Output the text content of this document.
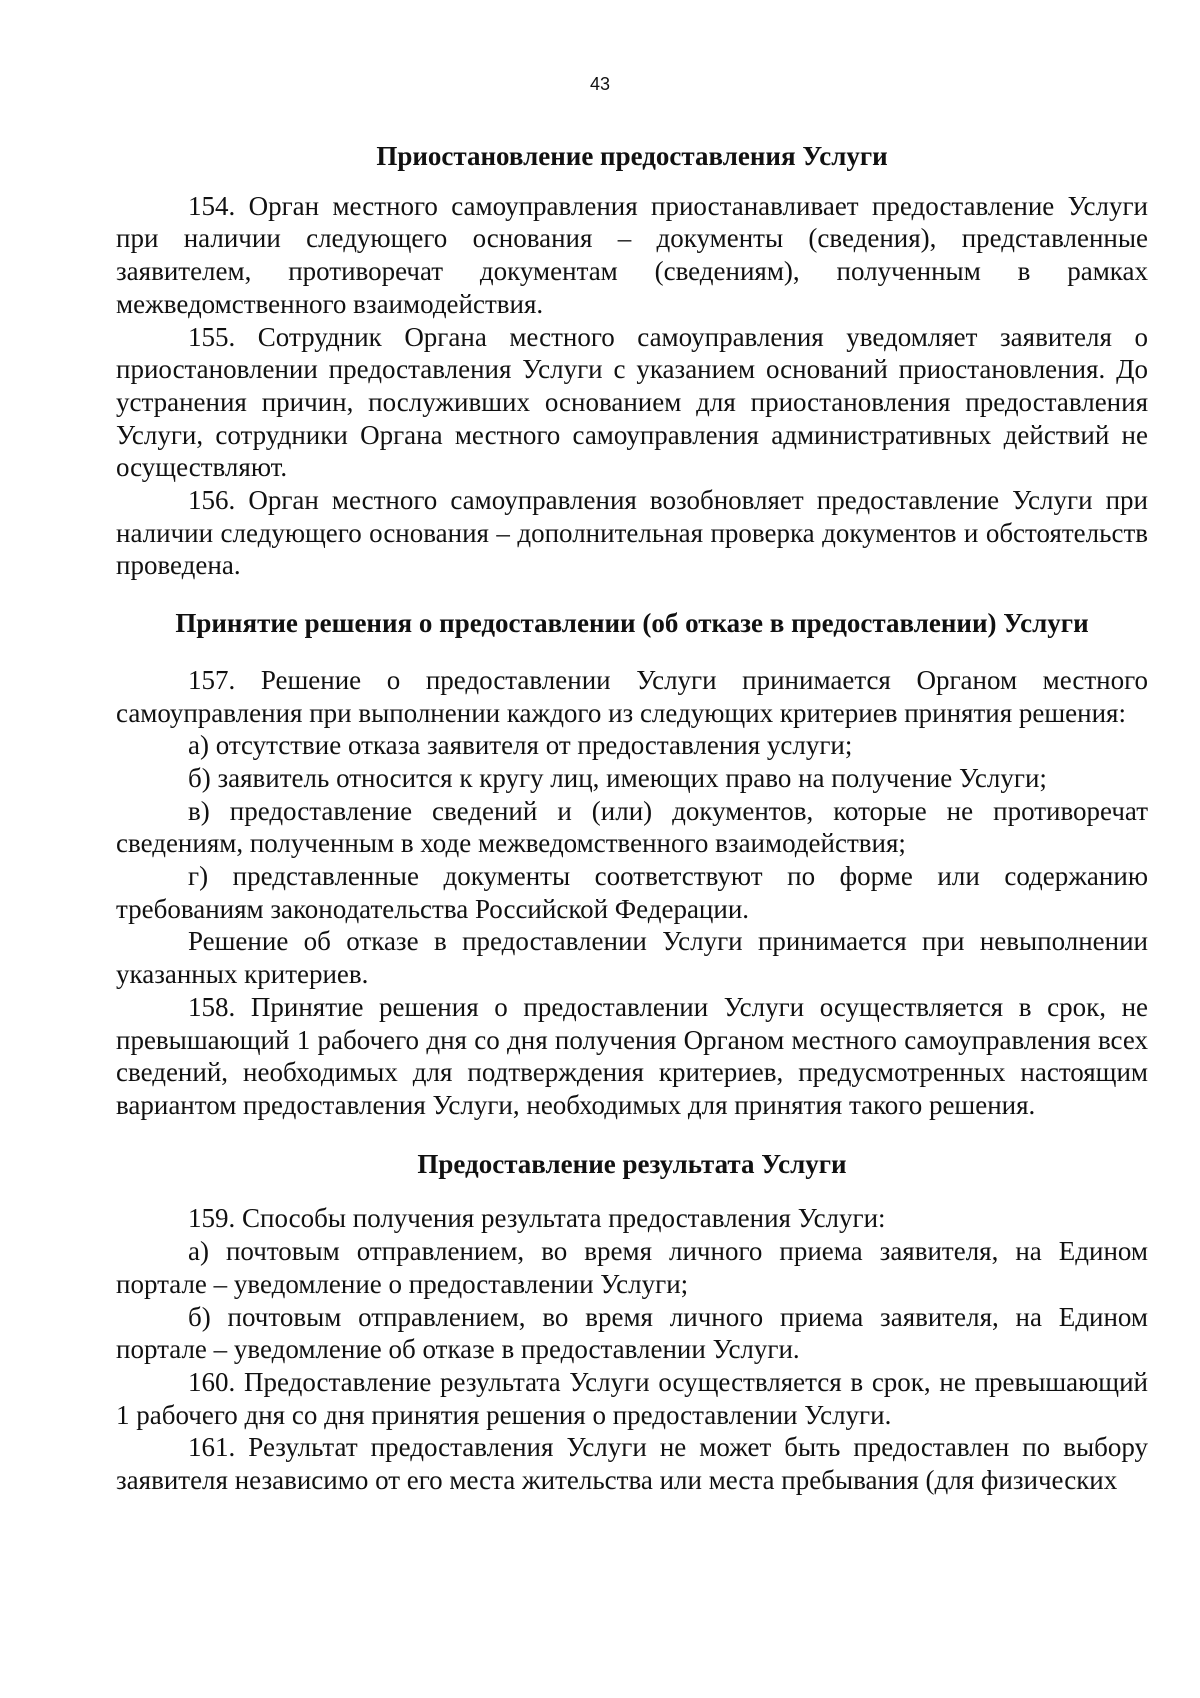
43
Приостановление предоставления Услуги

154. Орган местного самоуправления приостанавливает предоставление Услуги при наличии следующего основания – документы (сведения), представленные заявителем, противоречат документам (сведениям), полученным в рамках межведомственного взаимодействия.

155. Сотрудник Органа местного самоуправления уведомляет заявителя о приостановлении предоставления Услуги с указанием оснований приостановления. До устранения причин, послуживших основанием для приостановления предоставления Услуги, сотрудники Органа местного самоуправления административных действий не осуществляют.

156. Орган местного самоуправления возобновляет предоставление Услуги при наличии следующего основания – дополнительная проверка документов и обстоятельств проведена.

Принятие решения о предоставлении (об отказе в предоставлении) Услуги

157. Решение о предоставлении Услуги принимается Органом местного самоуправления при выполнении каждого из следующих критериев принятия решения:

а) отсутствие отказа заявителя от предоставления услуги;

б) заявитель относится к кругу лиц, имеющих право на получение Услуги;

в) предоставление сведений и (или) документов, которые не противоречат сведениям, полученным в ходе межведомственного взаимодействия;

г) представленные документы соответствуют по форме или содержанию требованиям законодательства Российской Федерации.

Решение об отказе в предоставлении Услуги принимается при невыполнении указанных критериев.

158. Принятие решения о предоставлении Услуги осуществляется в срок, не превышающий 1 рабочего дня со дня получения Органом местного самоуправления всех сведений, необходимых для подтверждения критериев, предусмотренных настоящим вариантом предоставления Услуги, необходимых для принятия такого решения.

Предоставление результата Услуги

159. Способы получения результата предоставления Услуги:

а) почтовым отправлением, во время личного приема заявителя, на Едином портале – уведомление о предоставлении Услуги;

б) почтовым отправлением, во время личного приема заявителя, на Едином портале – уведомление об отказе в предоставлении Услуги.

160. Предоставление результата Услуги осуществляется в срок, не превышающий 1 рабочего дня со дня принятия решения о предоставлении Услуги.

161. Результат предоставления Услуги не может быть предоставлен по выбору заявителя независимо от его места жительства или места пребывания (для физических
